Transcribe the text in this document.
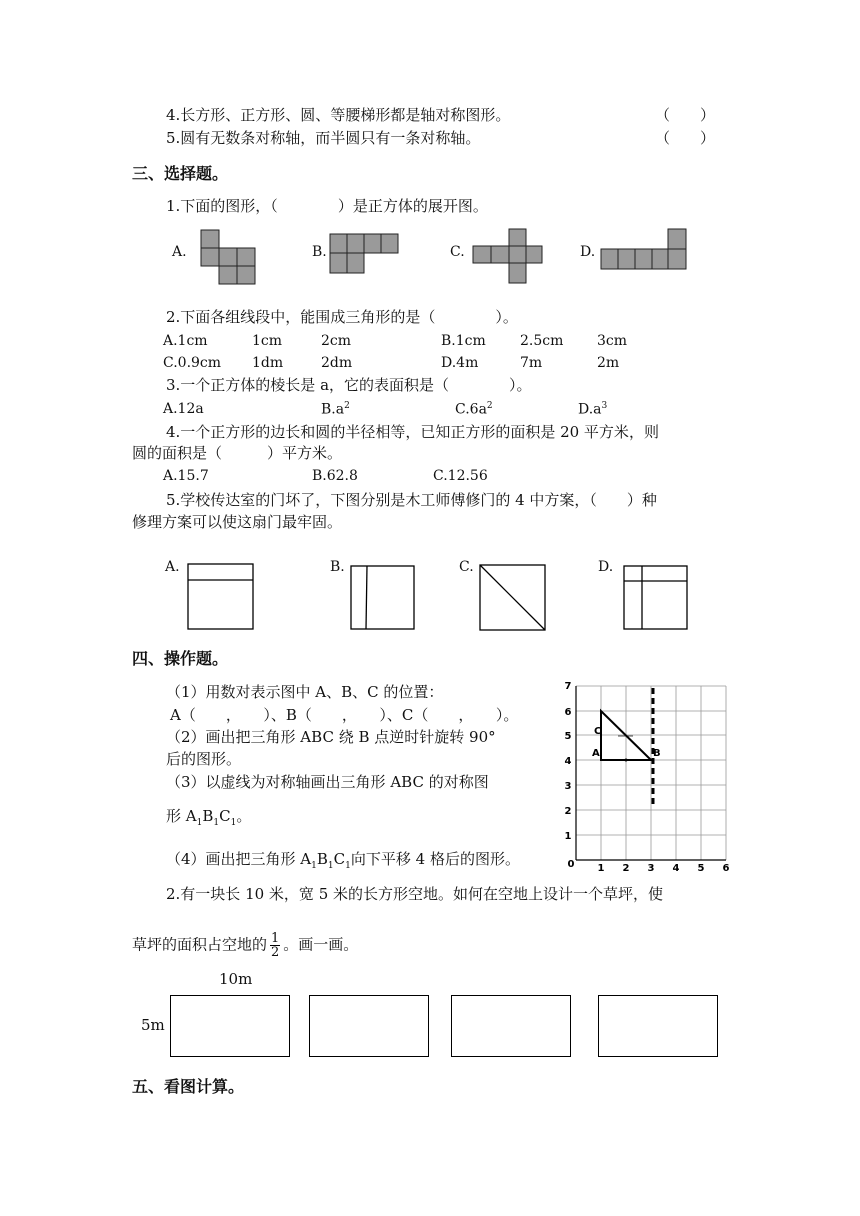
4.长方形、正方形、圆、等腰梯形都是轴对称图形。	（　　）
5.圆有无数条对称轴，而半圆只有一条对称轴。	（　　）
三、选择题。
1.下面的图形，（　　　　）是正方体的展开图。
A.	B.	C.	D.
2.下面各组线段中，能围成三角形的是（　　　　）。
A.1cm	1cm	2cm	B.1cm 2.5cm 3cm
C.0.9cm 1dm	2dm	D.4m	7m	2m
3.一个正方体的棱长是 a，它的表面积是（　　　　）。
A.12a	$B.a^2$	$C.6a^2$	$D.a^3$
4.一个正方形的边长和圆的半径相等，已知正方形的面积是 20 平方米，则
圆的面积是（　　　）平方米。
A.15.7	B.62.8	C.12.56
5.学校传达室的门坏了，下图分别是木工师傅修门的 4 中方案，（　　）种
修理方案可以使这扇门最牢固。
A.	B.	C.	D.
四、操作题。
（1）用数对表示图中 A、B、C 的位置：
A（　　，　　）、B（　　，　　）、C（　　，　　）。
（2）画出把三角形 ABC 绕 B 点逆时针旋转 90°
后的图形。
（3）以虚线为对称轴画出三角形 ABC 的对称图
形 $A_1B_1C_1$。
（4）画出把三角形 $A_1B_1C_1$向下平移 4 格后的图形。	0 1 2 3 4 5 6
1
2
3
4
5
6
7
C
A	B
2.有一块长 10 米，宽 5 米的长方形空地。如何在空地上设计一个草坪，使
草坪的面积占空地的 $\frac{1}{2}$ 。画一画。
10m
5m
五、看图计算。
